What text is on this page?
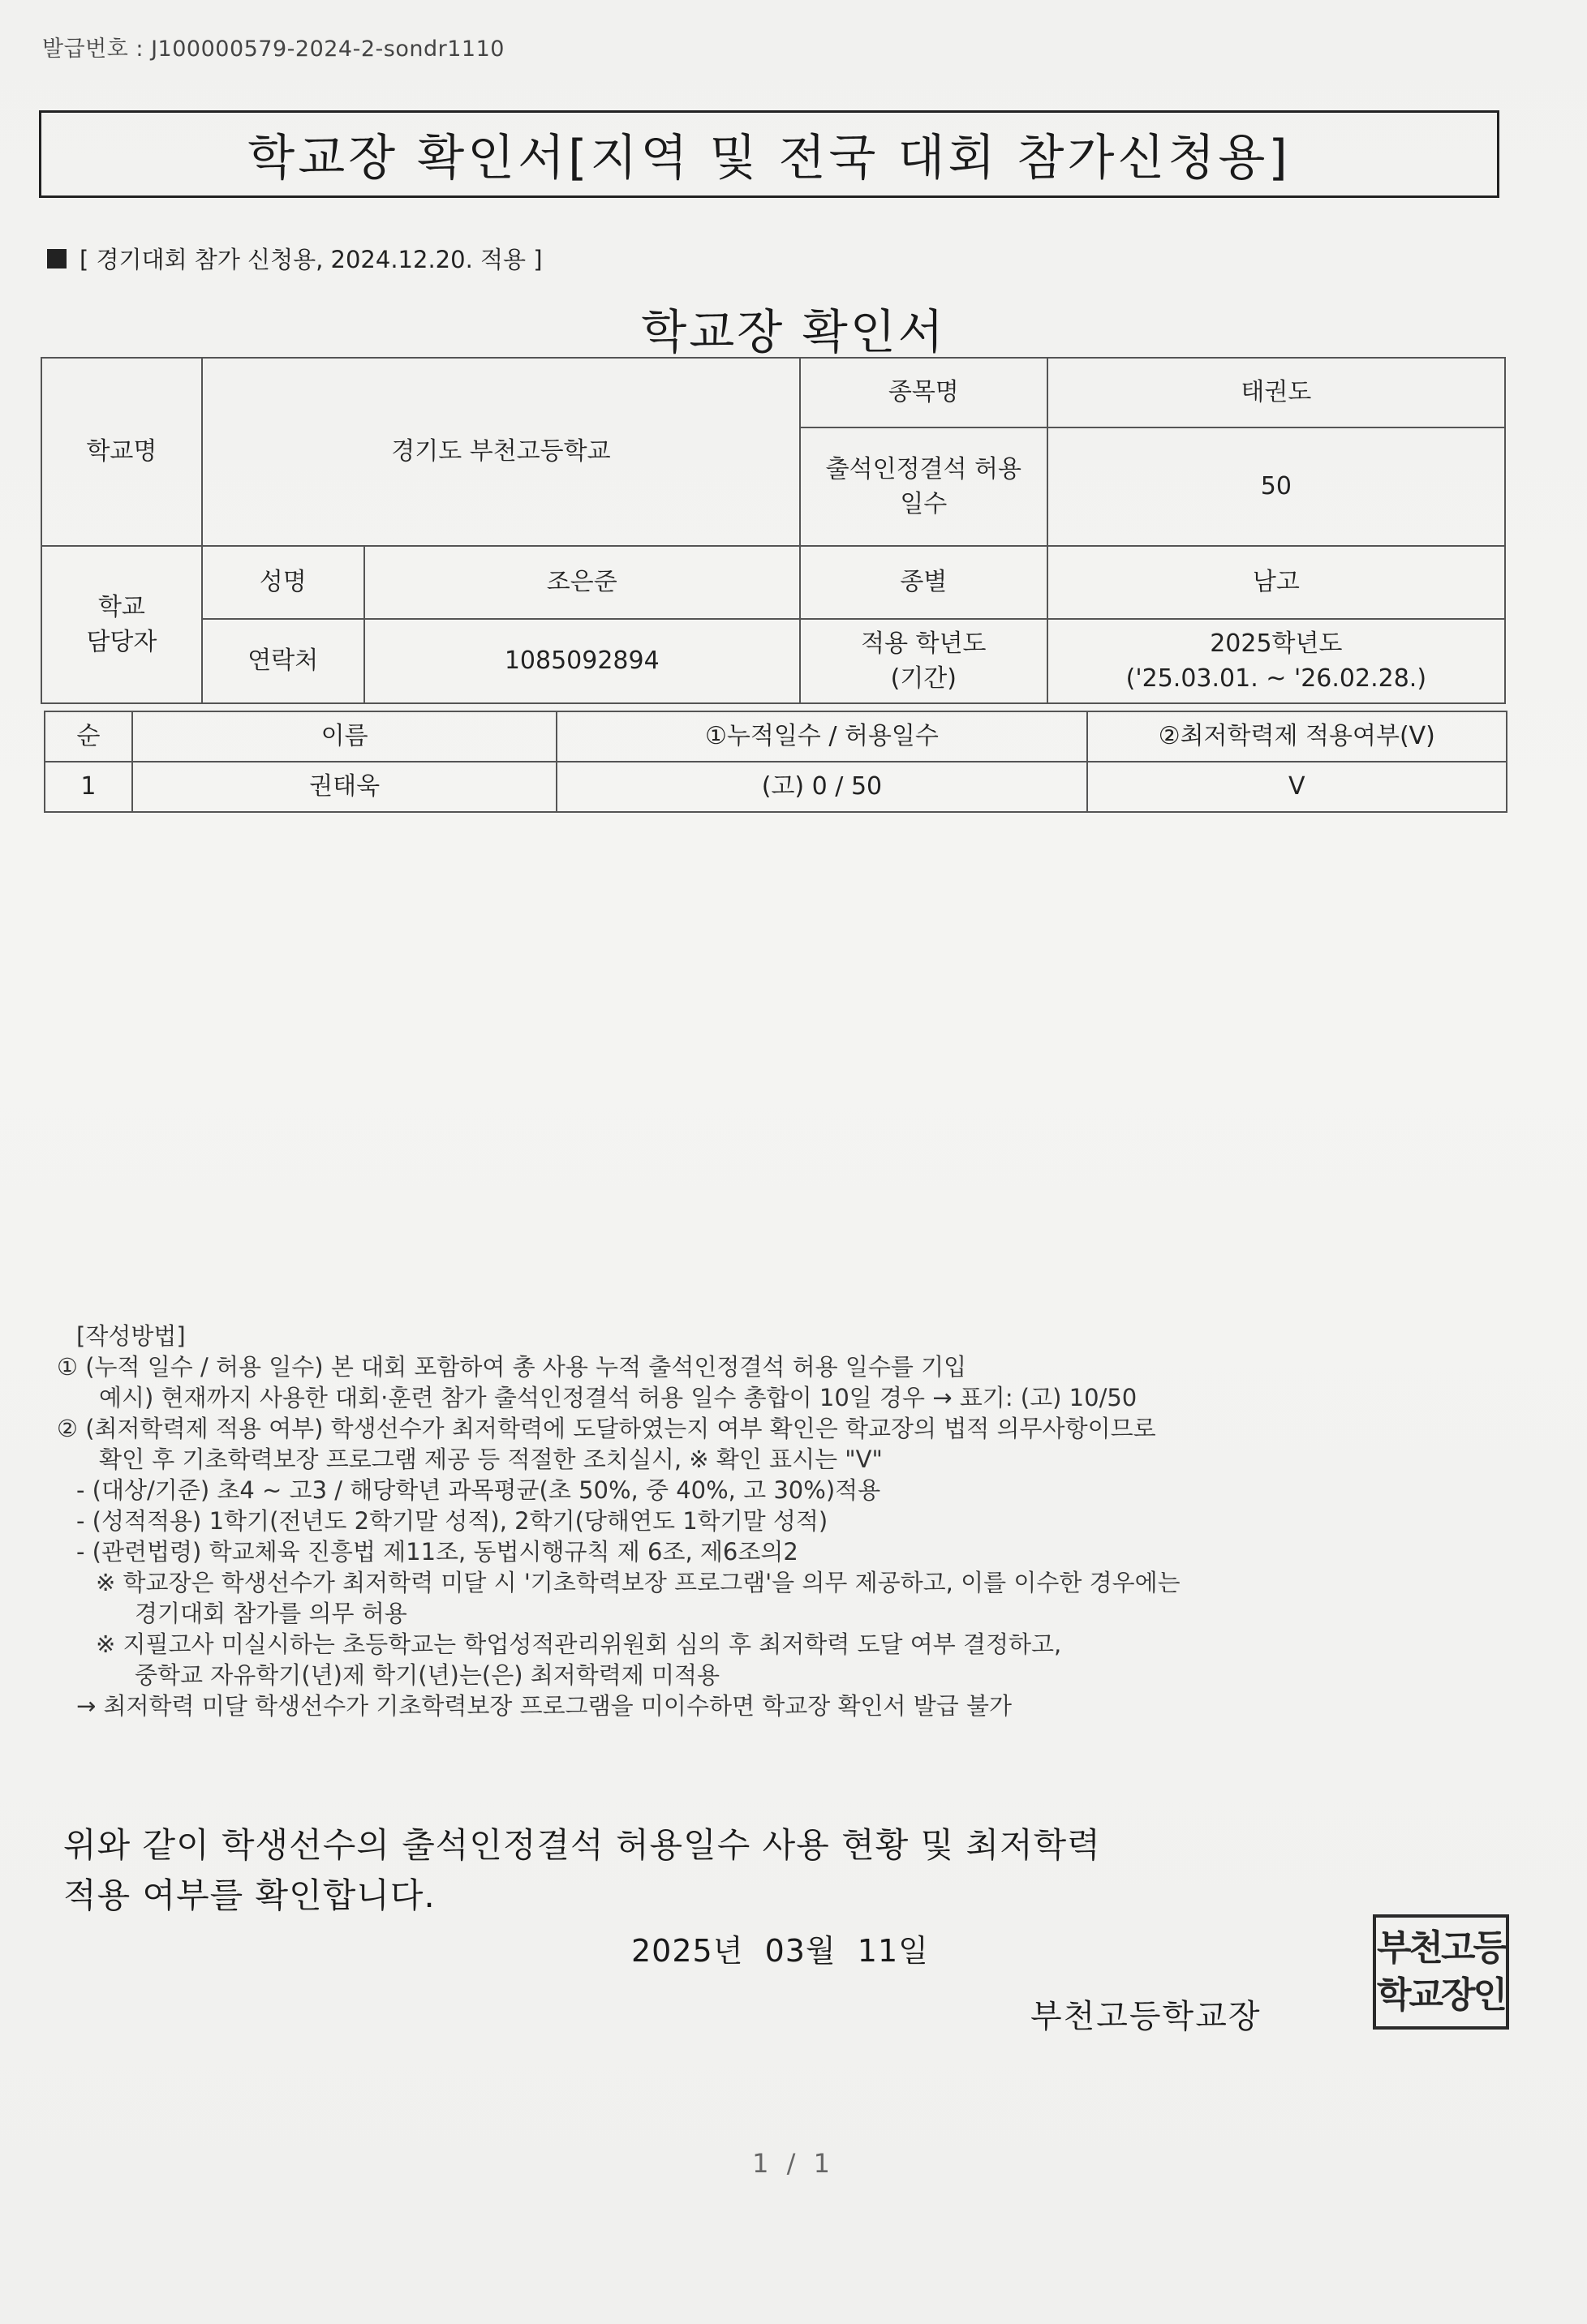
발급번호 : J100000579-2024-2-sondr1110
학교장 확인서[지역 및 전국 대회 참가신청용]
[ 경기대회 참가 신청용, 2024.12.20. 적용 ]
학교장 확인서
학교명	경기도 부천고등학교		종목명	태권도
			출석인정결석 허용 일수	50
학교 담당자	성명	조은준	종별	남고
	연락처	1085092894	적용 학년도 (기간)	2025학년도
('25.03.01. ~ '26.02.28.)
순	이름	①누적일수 / 허용일수	②최저학력제 적용여부(V)
1	권태욱	(고) 0 / 50	V
[작성방법]
① (누적 일수 / 허용 일수) 본 대회 포함하여 총 사용 누적 출석인정결석 허용 일수를 기입
예시) 현재까지 사용한 대회·훈련 참가 출석인정결석 허용 일수 총합이 10일 경우 → 표기: (고) 10/50
② (최저학력제 적용 여부) 학생선수가 최저학력에 도달하였는지 여부 확인은 학교장의 법적 의무사항이므로
확인 후 기초학력보장 프로그램 제공 등 적절한 조치실시, ※ 확인 표시는 "V"
- (대상/기준) 초4 ~ 고3 / 해당학년 과목평균(초 50%, 중 40%, 고 30%)적용
- (성적적용) 1학기(전년도 2학기말 성적), 2학기(당해연도 1학기말 성적)
- (관련법령) 학교체육 진흥법 제11조, 동법시행규칙 제 6조, 제6조의2
※ 학교장은 학생선수가 최저학력 미달 시 '기초학력보장 프로그램'을 의무 제공하고, 이를 이수한 경우에는
경기대회 참가를 의무 허용
※ 지필고사 미실시하는 초등학교는 학업성적관리위원회 심의 후 최저학력 도달 여부 결정하고,
중학교 자유학기(년)제 학기(년)는(은) 최저학력제 미적용
→ 최저학력 미달 학생선수가 기초학력보장 프로그램을 미이수하면 학교장 확인서 발급 불가
위와 같이 학생선수의 출석인정결석 허용일수 사용 현황 및 최저학력
적용 여부를 확인합니다.
2025년  03월  11일
부천고등학교장
부천고등
학교장인
1 / 1
